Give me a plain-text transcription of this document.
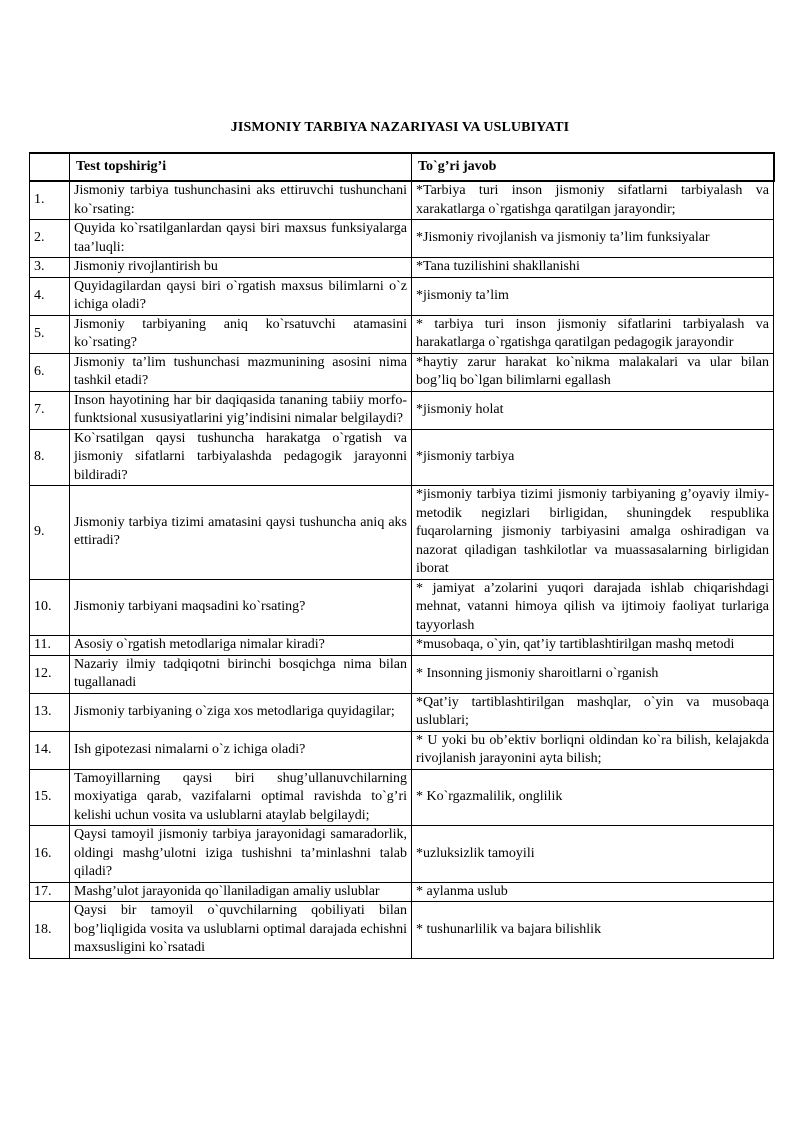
JISMONIY TARBIYA NAZARIYASI VA USLUBIYATI
	Test topshirig’i	To`g’ri javob
1.	Jismoniy tarbiya tushunchasini aks ettiruvchi tushunchani ko`rsating:	*Tarbiya turi inson jismoniy sifatlarni tarbiyalash va xarakatlarga o`rgatishga qaratilgan jarayondir;
2.	Quyida ko`rsatilganlardan qaysi biri maxsus funksiyalarga taa’luqli:	*Jismoniy rivojlanish va jismoniy ta’lim funksiyalar
3.	Jismoniy rivojlantirish bu	*Tana tuzilishini shakllanishi
4.	Quyidagilardan qaysi biri o`rgatish maxsus bilimlarni o`z ichiga oladi?	*jismoniy ta’lim
5.	Jismoniy tarbiyaning aniq ko`rsatuvchi atamasini ko`rsating?	* tarbiya turi inson jismoniy sifatlarini tarbiyalash va harakatlarga o`rgatishga qaratilgan pedagogik jarayondir
6.	Jismoniy ta’lim tushunchasi mazmunining asosini nima tashkil etadi?	*haytiy zarur harakat ko`nikma malakalari va ular bilan bog’liq bo`lgan bilimlarni egallash
7.	Inson hayotining har bir daqiqasida tananing tabiiy morfo-funktsional xususiyatlarini yig’indisini nimalar belgilaydi?	*jismoniy holat
8.	Ko`rsatilgan qaysi tushuncha harakatga o`rgatish va jismoniy sifatlarni tarbiyalashda pedagogik jarayonni bildiradi?	*jismoniy tarbiya
9.	Jismoniy tarbiya tizimi amatasini qaysi tushuncha aniq aks ettiradi?	*jismoniy tarbiya tizimi jismoniy tarbiyaning g’oyaviy ilmiy-metodik negizlari birligidan, shuningdek respublika fuqarolarning jismoniy tarbiyasini amalga oshiradigan va nazorat qiladigan tashkilotlar va muassasalarning birligidan iborat
10.	Jismoniy tarbiyani maqsadini ko`rsating?	* jamiyat a’zolarini yuqori darajada ishlab chiqarishdagi mehnat, vatanni himoya qilish va ijtimoiy faoliyat turlariga tayyorlash
11.	Asosiy o`rgatish metodlariga nimalar kiradi?	*musobaqa, o`yin, qat’iy tartiblashtirilgan mashq metodi
12.	Nazariy ilmiy tadqiqotni birinchi bosqichga nima bilan tugallanadi	* Insonning jismoniy sharoitlarni o`rganish
13.	Jismoniy tarbiyaning o`ziga xos metodlariga quyidagilar;	*Qat’iy tartiblashtirilgan mashqlar, o`yin va musobaqa uslublari;
14.	Ish gipotezasi nimalarni o`z ichiga oladi?	* U yoki bu ob’ektiv borliqni oldindan ko`ra bilish, kelajakda rivojlanish jarayonini ayta bilish;
15.	Tamoyillarning qaysi biri shug’ullanuvchilarning moxiyatiga qarab, vazifalarni optimal ravishda to`g’ri kelishi uchun vosita va uslublarni ataylab belgilaydi;	* Ko`rgazmalilik, onglilik
16.	Qaysi tamoyil jismoniy tarbiya jarayonidagi samaradorlik, oldingi mashg’ulotni iziga tushishni ta’minlashni talab qiladi?	*uzluksizlik tamoyili
17.	Mashg’ulot jarayonida qo`llaniladigan amaliy uslublar	* aylanma uslub
18.	Qaysi bir tamoyil o`quvchilarning qobiliyati bilan bog’liqligida vosita va uslublarni optimal darajada echishni maxsusligini ko`rsatadi	* tushunarlilik va bajara bilishlik
